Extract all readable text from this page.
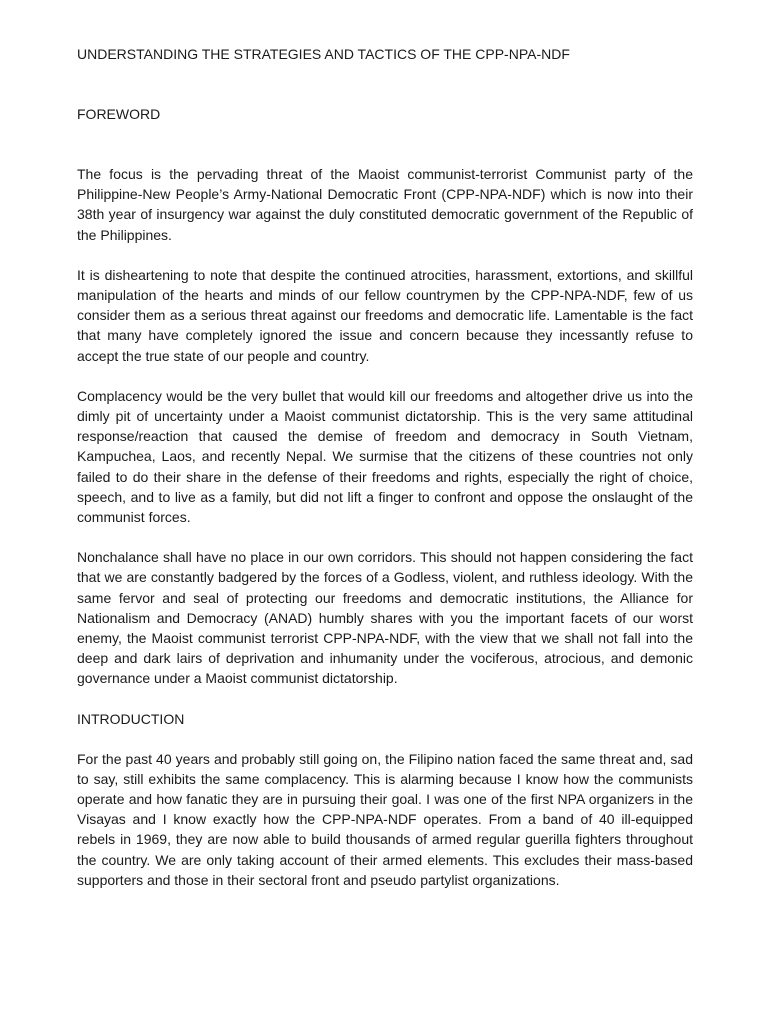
UNDERSTANDING THE STRATEGIES AND TACTICS OF THE CPP-NPA-NDF
FOREWORD

The focus is the pervading threat of the Maoist communist-terrorist Communist party of the Philippine-New People’s Army-National Democratic Front (CPP-NPA-NDF) which is now into their 38th year of insurgency war against the duly constituted democratic government of the Republic of the Philippines.

It is disheartening to note that despite the continued atrocities, harassment, extortions, and skillful manipulation of the hearts and minds of our fellow countrymen by the CPP-NPA-NDF, few of us consider them as a serious threat against our freedoms and democratic life. Lamentable is the fact that many have completely ignored the issue and concern because they incessantly refuse to accept the true state of our people and country.

Complacency would be the very bullet that would kill our freedoms and altogether drive us into the dimly pit of uncertainty under a Maoist communist dictatorship. This is the very same attitudinal response/reaction that caused the demise of freedom and democracy in South Vietnam, Kampuchea, Laos, and recently Nepal. We surmise that the citizens of these countries not only failed to do their share in the defense of their freedoms and rights, especially the right of choice, speech, and to live as a family, but did not lift a finger to confront and oppose the onslaught of the communist forces.

Nonchalance shall have no place in our own corridors. This should not happen considering the fact that we are constantly badgered by the forces of a Godless, violent, and ruthless ideology. With the same fervor and seal of protecting our freedoms and democratic institutions, the Alliance for Nationalism and Democracy (ANAD) humbly shares with you the important facets of our worst enemy, the Maoist communist terrorist CPP-NPA-NDF, with the view that we shall not fall into the deep and dark lairs of deprivation and inhumanity under the vociferous, atrocious, and demonic governance under a Maoist communist dictatorship.

INTRODUCTION

For the past 40 years and probably still going on, the Filipino nation faced the same threat and, sad to say, still exhibits the same complacency. This is alarming because I know how the communists operate and how fanatic they are in pursuing their goal. I was one of the first NPA organizers in the Visayas and I know exactly how the CPP-NPA-NDF operates. From a band of 40 ill-equipped rebels in 1969, they are now able to build thousands of armed regular guerilla fighters throughout the country. We are only taking account of their armed elements. This excludes their mass-based supporters and those in their sectoral front and pseudo partylist organizations.
